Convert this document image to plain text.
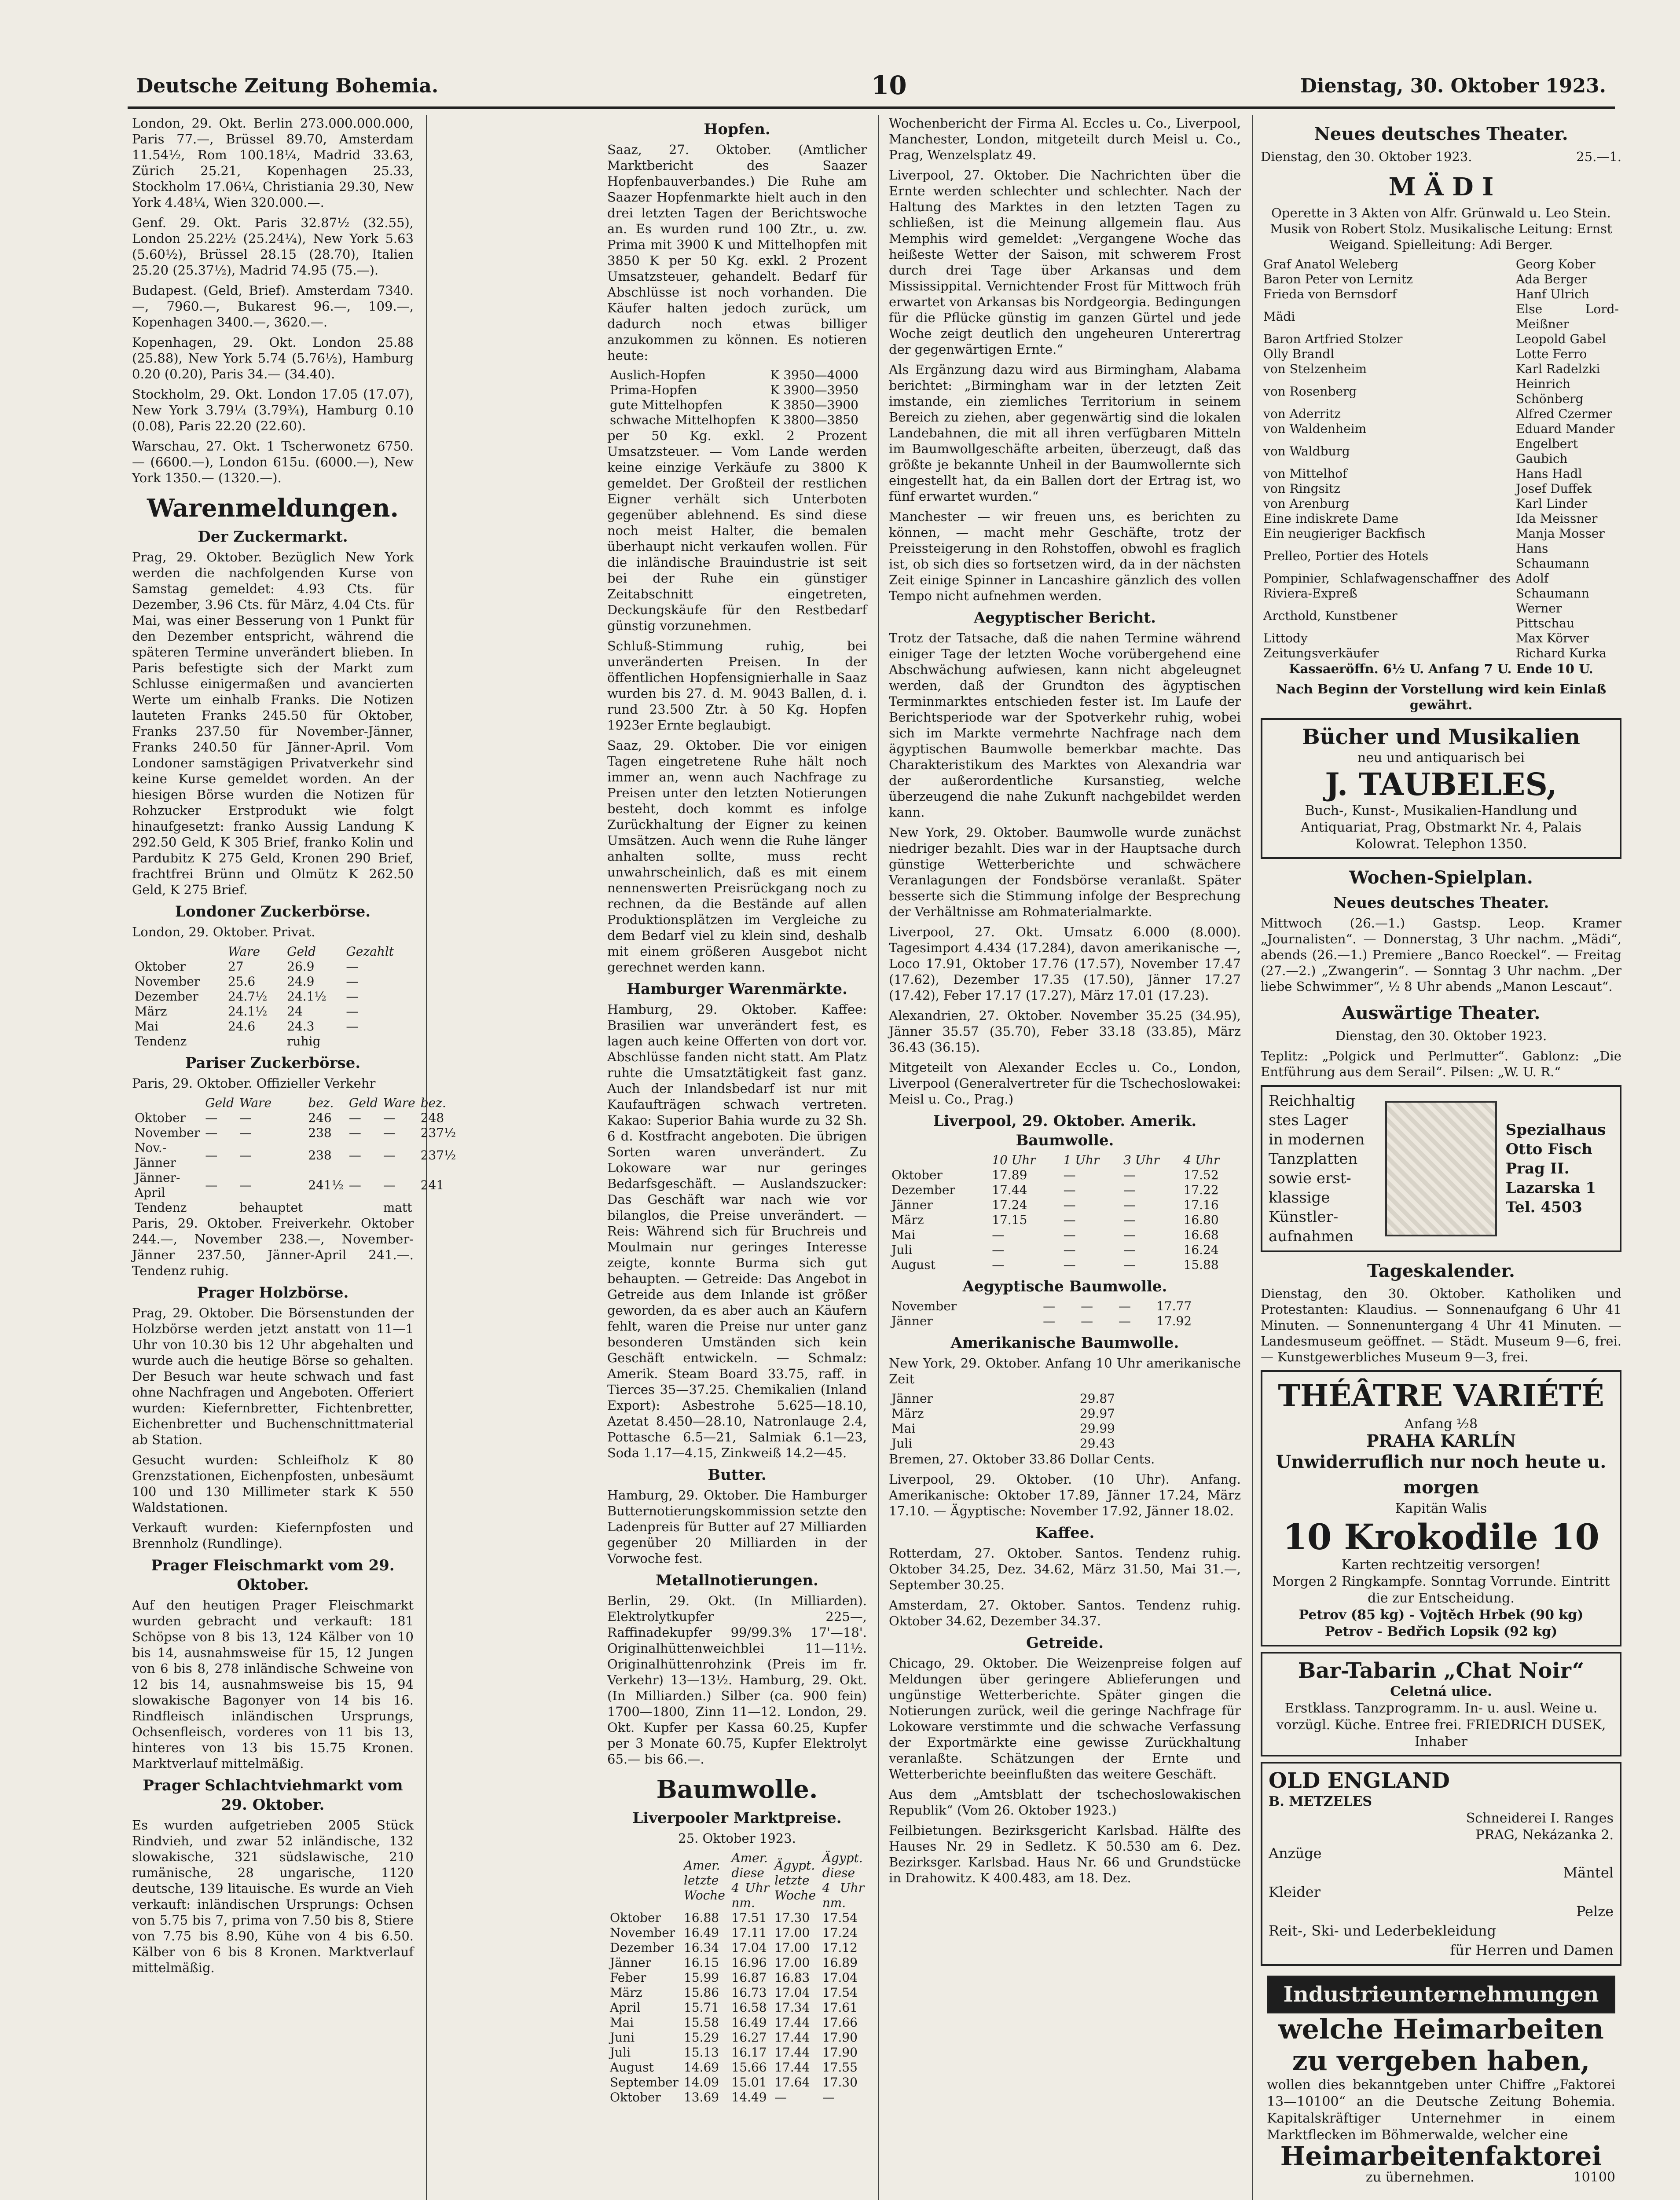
Deutsche Zeitung Bohemia.	10	Dienstag, 30. Oktober 1923.

London, 29. Okt. Berlin 273.000.000.000, Paris 77.—, Brüssel 89.70, Amsterdam 11.54½, Rom 100.18¼, Madrid 33.63, Zürich 25.21, Kopenhagen 25.33, Stockholm 17.06¼, Christiania 29.30, New York 4.48¼, Wien 320.000.—.

Genf. 29. Okt. Paris 32.87½ (32.55), London 25.22½ (25.24¼), New York 5.63 (5.60½), Brüssel 28.15 (28.70), Italien 25.20 (25.37½), Madrid 74.95 (75.—).

Budapest. (Geld, Brief). Amsterdam 7340.—, 7960.—, Bukarest 96.—, 109.—, Kopenhagen 3400.—, 3620.—.

Kopenhagen, 29. Okt. London 25.88 (25.88), New York 5.74 (5.76½), Hamburg 0.20 (0.20), Paris 34.— (34.40).

Stockholm, 29. Okt. London 17.05 (17.07), New York 3.79¼ (3.79¾), Hamburg 0.10 (0.08), Paris 22.20 (22.60).

Warschau, 27. Okt. 1 Tscherwonetz 6750.— (6600.—), London 615u. (6000.—), New York 1350.— (1320.—).

Warenmeldungen.
Der Zuckermarkt.

Prag, 29. Oktober. Bezüglich New York werden die nachfolgenden Kurse von Samstag gemeldet: 4.93 Cts. für Dezember, 3.96 Cts. für März, 4.04 Cts. für Mai, was einer Besserung von 1 Punkt für den Dezember entspricht, während die späteren Termine unverändert blieben. In Paris befestigte sich der Markt zum Schlusse einigermaßen und avancierten Werte um einhalb Franks. Die Notizen lauteten Franks 245.50 für Oktober, Franks 237.50 für November-Jänner, Franks 240.50 für Jänner-April. Vom Londoner samstägigen Privatverkehr sind keine Kurse gemeldet worden. An der hiesigen Börse wurden die Notizen für Rohzucker Erstprodukt wie folgt hinaufgesetzt: franko Aussig Landung K 292.50 Geld, K 305 Brief, franko Kolin und Pardubitz K 275 Geld, Kronen 290 Brief, frachtfrei Brünn und Olmütz K 262.50 Geld, K 275 Brief.

Londoner Zuckerbörse.

London, 29. Oktober. Privat.

	Ware	Geld	Gezahlt
Oktober	27	26.9	—
November	25.6	24.9	—
Dezember	24.7½	24.1½	—
März	24.1½	24	—
Mai	24.6	24.3	—
Tendenz		ruhig	
Pariser Zuckerbörse.

Paris, 29. Oktober. Offizieller Verkehr

	Geld	Ware	bez.	Geld	Ware	bez.
Oktober	—	—	246	—	—	248
November	—	—	238	—	—	237½
Nov.-Jänner	—	—	238	—	—	237½
Jänner-April	—	—	241½	—	—	241
Tendenz		behauptet			matt	

Paris, 29. Oktober. Freiverkehr. Oktober 244.—, November 238.—, November-Jänner 237.50, Jänner-April 241.—. Tendenz ruhig.

Prager Holzbörse.

Prag, 29. Oktober. Die Börsenstunden der Holzbörse werden jetzt anstatt von 11—1 Uhr von 10.30 bis 12 Uhr abgehalten und wurde auch die heutige Börse so gehalten. Der Besuch war heute schwach und fast ohne Nachfragen und Angeboten. Offeriert wurden: Kiefernbretter, Fichtenbretter, Eichenbretter und Buchenschnittmaterial ab Station.

Gesucht wurden: Schleifholz K 80 Grenzstationen, Eichenpfosten, unbesäumt 100 und 130 Millimeter stark K 550 Waldstationen.

Verkauft wurden: Kiefernpfosten und Brennholz (Rundlinge).

Prager Fleischmarkt vom 29. Oktober.

Auf den heutigen Prager Fleischmarkt wurden gebracht und verkauft: 181 Schöpse von 8 bis 13, 124 Kälber von 10 bis 14, ausnahmsweise für 15, 12 Jungen von 6 bis 8, 278 inländische Schweine von 12 bis 14, ausnahmsweise bis 15, 94 slowakische Bagonyer von 14 bis 16. Rindfleisch inländischen Ursprungs, Ochsenfleisch, vorderes von 11 bis 13, hinteres von 13 bis 15.75 Kronen. Marktverlauf mittelmäßig.

Prager Schlachtviehmarkt vom 29. Oktober.

Es wurden aufgetrieben 2005 Stück Rindvieh, und zwar 52 inländische, 132 slowakische, 321 südslawische, 210 rumänische, 28 ungarische, 1120 deutsche, 139 litauische. Es wurde an Vieh verkauft: inländischen Ursprungs: Ochsen von 5.75 bis 7, prima von 7.50 bis 8, Stiere von 7.75 bis 8.90, Kühe von 4 bis 6.50. Kälber von 6 bis 8 Kronen. Marktverlauf mittelmäßig.

Hopfen.

Saaz, 27. Oktober. (Amtlicher Marktbericht des Saazer Hopfenbauverbandes.) Die Ruhe am Saazer Hopfenmarkte hielt auch in den drei letzten Tagen der Berichtswoche an. Es wurden rund 100 Ztr., u. zw. Prima mit 3900 K und Mittelhopfen mit 3850 K per 50 Kg. exkl. 2 Prozent Umsatzsteuer, gehandelt. Bedarf für Abschlüsse ist noch vorhanden. Die Käufer halten jedoch zurück, um dadurch noch etwas billiger anzukommen zu können. Es notieren heute:

Auslich-Hopfen	K 3950—4000
Prima-Hopfen	K 3900—3950
gute Mittelhopfen	K 3850—3900
schwache Mittelhopfen	K 3800—3850

per 50 Kg. exkl. 2 Prozent Umsatzsteuer. — Vom Lande werden keine einzige Verkäufe zu 3800 K gemeldet. Der Großteil der restlichen Eigner verhält sich Unterboten gegenüber ablehnend. Es sind diese noch meist Halter, die bemalen überhaupt nicht verkaufen wollen. Für die inländische Brauindustrie ist seit bei der Ruhe ein günstiger Zeitabschnitt eingetreten, Deckungskäufe für den Restbedarf günstig vorzunehmen.

Schluß-Stimmung ruhig, bei unveränderten Preisen. In der öffentlichen Hopfensignierhalle in Saaz wurden bis 27. d. M. 9043 Ballen, d. i. rund 23.500 Ztr. à 50 Kg. Hopfen 1923er Ernte beglaubigt.

Saaz, 29. Oktober. Die vor einigen Tagen eingetretene Ruhe hält noch immer an, wenn auch Nachfrage zu Preisen unter den letzten Notierungen besteht, doch kommt es infolge Zurückhaltung der Eigner zu keinen Umsätzen. Auch wenn die Ruhe länger anhalten sollte, muss recht unwahrscheinlich, daß es mit einem nennenswerten Preisrückgang noch zu rechnen, da die Bestände auf allen Produktionsplätzen im Vergleiche zu dem Bedarf viel zu klein sind, deshalb mit einem größeren Ausgebot nicht gerechnet werden kann.

Hamburger Warenmärkte.

Hamburg, 29. Oktober. Kaffee: Brasilien war unverändert fest, es lagen auch keine Offerten von dort vor. Abschlüsse fanden nicht statt. Am Platz ruhte die Umsatztätigkeit fast ganz. Auch der Inlandsbedarf ist nur mit Kaufaufträgen schwach vertreten. Kakao: Superior Bahia wurde zu 32 Sh. 6 d. Kostfracht angeboten. Die übrigen Sorten waren unverändert. Zu Lokoware war nur geringes Bedarfsgeschäft. — Auslandszucker: Das Geschäft war nach wie vor bilanglos, die Preise unverändert. — Reis: Während sich für Bruchreis und Moulmain nur geringes Interesse zeigte, konnte Burma sich gut behaupten. — Getreide: Das Angebot in Getreide aus dem Inlande ist größer geworden, da es aber auch an Käufern fehlt, waren die Preise nur unter ganz besonderen Umständen sich kein Geschäft entwickeln. — Schmalz: Amerik. Steam Board 33.75, raff. in Tierces 35—37.25. Chemikalien (Inland Export): Asbestrohe 5.625—18.10, Azetat 8.450—28.10, Natronlauge 2.4, Pottasche 6.5—21, Salmiak 6.1—23, Soda 1.17—4.15, Zinkweiß 14.2—45.

Butter.

Hamburg, 29. Oktober. Die Hamburger Butternotierungskommission setzte den Ladenpreis für Butter auf 27 Milliarden gegenüber 20 Milliarden in der Vorwoche fest.

Metallnotierungen.

Berlin, 29. Okt. (In Milliarden). Elektrolytkupfer 225—, Raffinadekupfer 99/99.3% 17'—18'. Originalhüttenweichblei 11—11½. Originalhüttenrohzink (Preis im fr. Verkehr) 13—13½. Hamburg, 29. Okt. (In Milliarden.) Silber (ca. 900 fein) 1700—1800, Zinn 11—12. London, 29. Okt. Kupfer per Kassa 60.25, Kupfer per 3 Monate 60.75, Kupfer Elektrolyt 65.— bis 66.—.

Baumwolle.
Liverpooler Marktpreise.

25. Oktober 1923.

	Amer. letzte Woche	Amer. diese 4 Uhr nm.	Ägypt. letzte Woche	Ägypt. diese 4 Uhr nm.
Oktober	16.88	17.51	17.30	17.54
November	16.49	17.11	17.00	17.24
Dezember	16.34	17.04	17.00	17.12
Jänner	16.15	16.96	17.00	16.89
Feber	15.99	16.87	16.83	17.04
März	15.86	16.73	17.04	17.54
April	15.71	16.58	17.34	17.61
Mai	15.58	16.49	17.44	17.66
Juni	15.29	16.27	17.44	17.90
Juli	15.13	16.17	17.44	17.90
August	14.69	15.66	17.44	17.55
September	14.09	15.01	17.64	17.30
Oktober	13.69	14.49	—	—

Wochenbericht der Firma Al. Eccles u. Co., Liverpool, Manchester, London, mitgeteilt durch Meisl u. Co., Prag, Wenzelsplatz 49.

Liverpool, 27. Oktober. Die Nachrichten über die Ernte werden schlechter und schlechter. Nach der Haltung des Marktes in den letzten Tagen zu schließen, ist die Meinung allgemein flau. Aus Memphis wird gemeldet: „Vergangene Woche das heißeste Wetter der Saison, mit schwerem Frost durch drei Tage über Arkansas und dem Mississippital. Vernichtender Frost für Mittwoch früh erwartet von Arkansas bis Nordgeorgia. Bedingungen für die Pflücke günstig im ganzen Gürtel und jede Woche zeigt deutlich den ungeheuren Unterertrag der gegenwärtigen Ernte.“

Als Ergänzung dazu wird aus Birmingham, Alabama berichtet: „Birmingham war in der letzten Zeit imstande, ein ziemliches Territorium in seinem Bereich zu ziehen, aber gegenwärtig sind die lokalen Landebahnen, die mit all ihren verfügbaren Mitteln im Baumwollgeschäfte arbeiten, überzeugt, daß das größte je bekannte Unheil in der Baumwollernte sich eingestellt hat, da ein Ballen dort der Ertrag ist, wo fünf erwartet wurden.“

Manchester — wir freuen uns, es berichten zu können, — macht mehr Geschäfte, trotz der Preissteigerung in den Rohstoffen, obwohl es fraglich ist, ob sich dies so fortsetzen wird, da in der nächsten Zeit einige Spinner in Lancashire gänzlich des vollen Tempo nicht aufnehmen werden.

Aegyptischer Bericht.

Trotz der Tatsache, daß die nahen Termine während einiger Tage der letzten Woche vorübergehend eine Abschwächung aufwiesen, kann nicht abgeleugnet werden, daß der Grundton des ägyptischen Terminmarktes entschieden fester ist. Im Laufe der Berichtsperiode war der Spotverkehr ruhig, wobei sich im Markte vermehrte Nachfrage nach dem ägyptischen Baumwolle bemerkbar machte. Das Charakteristikum des Marktes von Alexandria war der außerordentliche Kursanstieg, welche überzeugend die nahe Zukunft nachgebildet werden kann.

New York, 29. Oktober. Baumwolle wurde zunächst niedriger bezahlt. Dies war in der Hauptsache durch günstige Wetterberichte und schwächere Veranlagungen der Fondsbörse veranlaßt. Später besserte sich die Stimmung infolge der Besprechung der Verhältnisse am Rohmaterialmarkte.

Liverpool, 27. Okt. Umsatz 6.000 (8.000). Tagesimport 4.434 (17.284), davon amerikanische —, Loco 17.91, Oktober 17.76 (17.57), November 17.47 (17.62), Dezember 17.35 (17.50), Jänner 17.27 (17.42), Feber 17.17 (17.27), März 17.01 (17.23).

Alexandrien, 27. Oktober. November 35.25 (34.95), Jänner 35.57 (35.70), Feber 33.18 (33.85), März 36.43 (36.15).

Mitgeteilt von Alexander Eccles u. Co., London, Liverpool (Generalvertreter für die Tschechoslowakei: Meisl u. Co., Prag.)

Liverpool, 29. Oktober. Amerik. Baumwolle.
	10 Uhr	1 Uhr	3 Uhr	4 Uhr
Oktober	17.89	—	—	17.52
Dezember	17.44	—	—	17.22
Jänner	17.24	—	—	17.16
März	17.15	—	—	16.80
Mai	—	—	—	16.68
Juli	—	—	—	16.24
August	—	—	—	15.88
Aegyptische Baumwolle.
November	—	—	—	17.77
Jänner	—	—	—	17.92
Amerikanische Baumwolle.

New York, 29. Oktober. Anfang 10 Uhr amerikanische Zeit

Jänner	29.87
März	29.97
Mai	29.99
Juli	29.43

Bremen, 27. Oktober 33.86 Dollar Cents.

Liverpool, 29. Oktober. (10 Uhr). Anfang. Amerikanische: Oktober 17.89, Jänner 17.24, März 17.10. — Ägyptische: November 17.92, Jänner 18.02.

Kaffee.

Rotterdam, 27. Oktober. Santos. Tendenz ruhig. Oktober 34.25, Dez. 34.62, März 31.50, Mai 31.—, September 30.25.

Amsterdam, 27. Oktober. Santos. Tendenz ruhig. Oktober 34.62, Dezember 34.37.

Getreide.

Chicago, 29. Oktober. Die Weizenpreise folgen auf Meldungen über geringere Ablieferungen und ungünstige Wetterberichte. Später gingen die Notierungen zurück, weil die geringe Nachfrage für Lokoware verstimmte und die schwache Verfassung der Exportmärkte eine gewisse Zurückhaltung veranlaßte. Schätzungen der Ernte und Wetterberichte beeinflußten das weitere Geschäft.

Aus dem „Amtsblatt der tschechoslowakischen Republik“ (Vom 26. Oktober 1923.)

Feilbietungen. Bezirksgericht Karlsbad. Hälfte des Hauses Nr. 29 in Sedletz. K 50.530 am 6. Dez. Bezirksger. Karlsbad. Haus Nr. 66 und Grundstücke in Drahowitz. K 400.483, am 18. Dez.

Neues deutsches Theater.

Dienstag, den 30. Oktober 1923.	25.—1.

M Ä D I

Operette in 3 Akten von Alfr. Grünwald u. Leo Stein. Musik von Robert Stolz. Musikalische Leitung: Ernst Weigand. Spielleitung: Adi Berger.

Graf Anatol Weleberg	Georg Kober
Baron Peter von Lernitz	Ada Berger
Frieda von Bernsdorf	Hanf Ulrich
Mädi	Else Lord-Meißner
Baron Artfried Stolzer	Leopold Gabel
Olly Brandl	Lotte Ferro
von Stelzenheim	Karl Radelzki
von Rosenberg	Heinrich Schönberg
von Aderritz	Alfred Czermer
von Waldenheim	Eduard Mander
von Waldburg	Engelbert Gaubich
von Mittelhof	Hans Hadl
von Ringsitz	Josef Duffek
von Arenburg	Karl Linder
Eine indiskrete Dame	Ida Meissner
Ein neugieriger Backfisch	Manja Mosser
Prelleo, Portier des Hotels	Hans Schaumann
Pompinier, Schlafwagenschaffner des Riviera-Expreß	Adolf Schaumann
Arcthold, Kunstbener	Werner Pittschau
Littody	Max Körver
Zeitungsverkäufer	Richard Kurka

Kassaeröffn. 6½ U. Anfang 7 U. Ende 10 U.

Nach Beginn der Vorstellung wird kein Einlaß gewährt.

Bücher und Musikalien
neu und antiquarisch bei
J. TAUBELES,
Buch-, Kunst-, Musikalien-Handlung und Antiquariat, Prag, Obstmarkt Nr. 4, Palais Kolowrat. Telephon 1350.
Wochen-Spielplan.
Neues deutsches Theater.

Mittwoch (26.—1.) Gastsp. Leop. Kramer „Journalisten“. — Donnerstag, 3 Uhr nachm. „Mädi“, abends (26.—1.) Premiere „Banco Roeckel“. — Freitag (27.—2.) „Zwangerin“. — Sonntag 3 Uhr nachm. „Der liebe Schwimmer“, ½ 8 Uhr abends „Manon Lescaut“.

Auswärtige Theater.

Dienstag, den 30. Oktober 1923.

Teplitz: „Polgick und Perlmutter“. Gablonz: „Die Entführung aus dem Serail“. Pilsen: „W. U. R.“

Reichhaltig
stes Lager
in modernen
Tanzplatten
sowie erst-
klassige
Künstler-
aufnahmen
Spezialhaus
Otto Fisch
Prag II.
Lazarska 1
Tel. 4503
Tageskalender.

Dienstag, den 30. Oktober. Katholiken und Protestanten: Klaudius. — Sonnenaufgang 6 Uhr 41 Minuten. — Sonnenuntergang 4 Uhr 41 Minuten. — Landesmuseum geöffnet. — Städt. Museum 9—6, frei. — Kunstgewerbliches Museum 9—3, frei.

THÉÂTRE VARIÉTÉ
Anfang ½8
PRAHA KARLÍN
Unwiderruflich nur noch heute u. morgen
Kapitän Walis
10 Krokodile 10
Karten rechtzeitig versorgen!
Morgen 2 Ringkampfe. Sonntag Vorrunde. Eintritt die zur Entscheidung.
Petrov (85 kg) - Vojtěch Hrbek (90 kg)
Petrov - Bedřich Lopsik (92 kg)
Bar-Tabarin „Chat Noir“
Celetná ulice.
Erstklass. Tanzprogramm. In- u. ausl. Weine u. vorzügl. Küche. Entree frei. FRIEDRICH DUSEK, Inhaber
OLD ENGLAND
B. METZELES
Schneiderei I. Ranges
PRAG, Nekázanka 2.
Anzüge
Mäntel
Kleider
Pelze
Reit-, Ski- und Lederbekleidung
für Herren und Damen
Industrieunternehmungen
welche Heimarbeiten zu vergeben haben,
wollen dies bekanntgeben unter Chiffre „Faktorei 13—10100“ an die Deutsche Zeitung Bohemia. Kapitalskräftiger Unternehmer in einem Marktflecken im Böhmerwalde, welcher eine
Heimarbeitenfaktorei
zu übernehmen.	10100
